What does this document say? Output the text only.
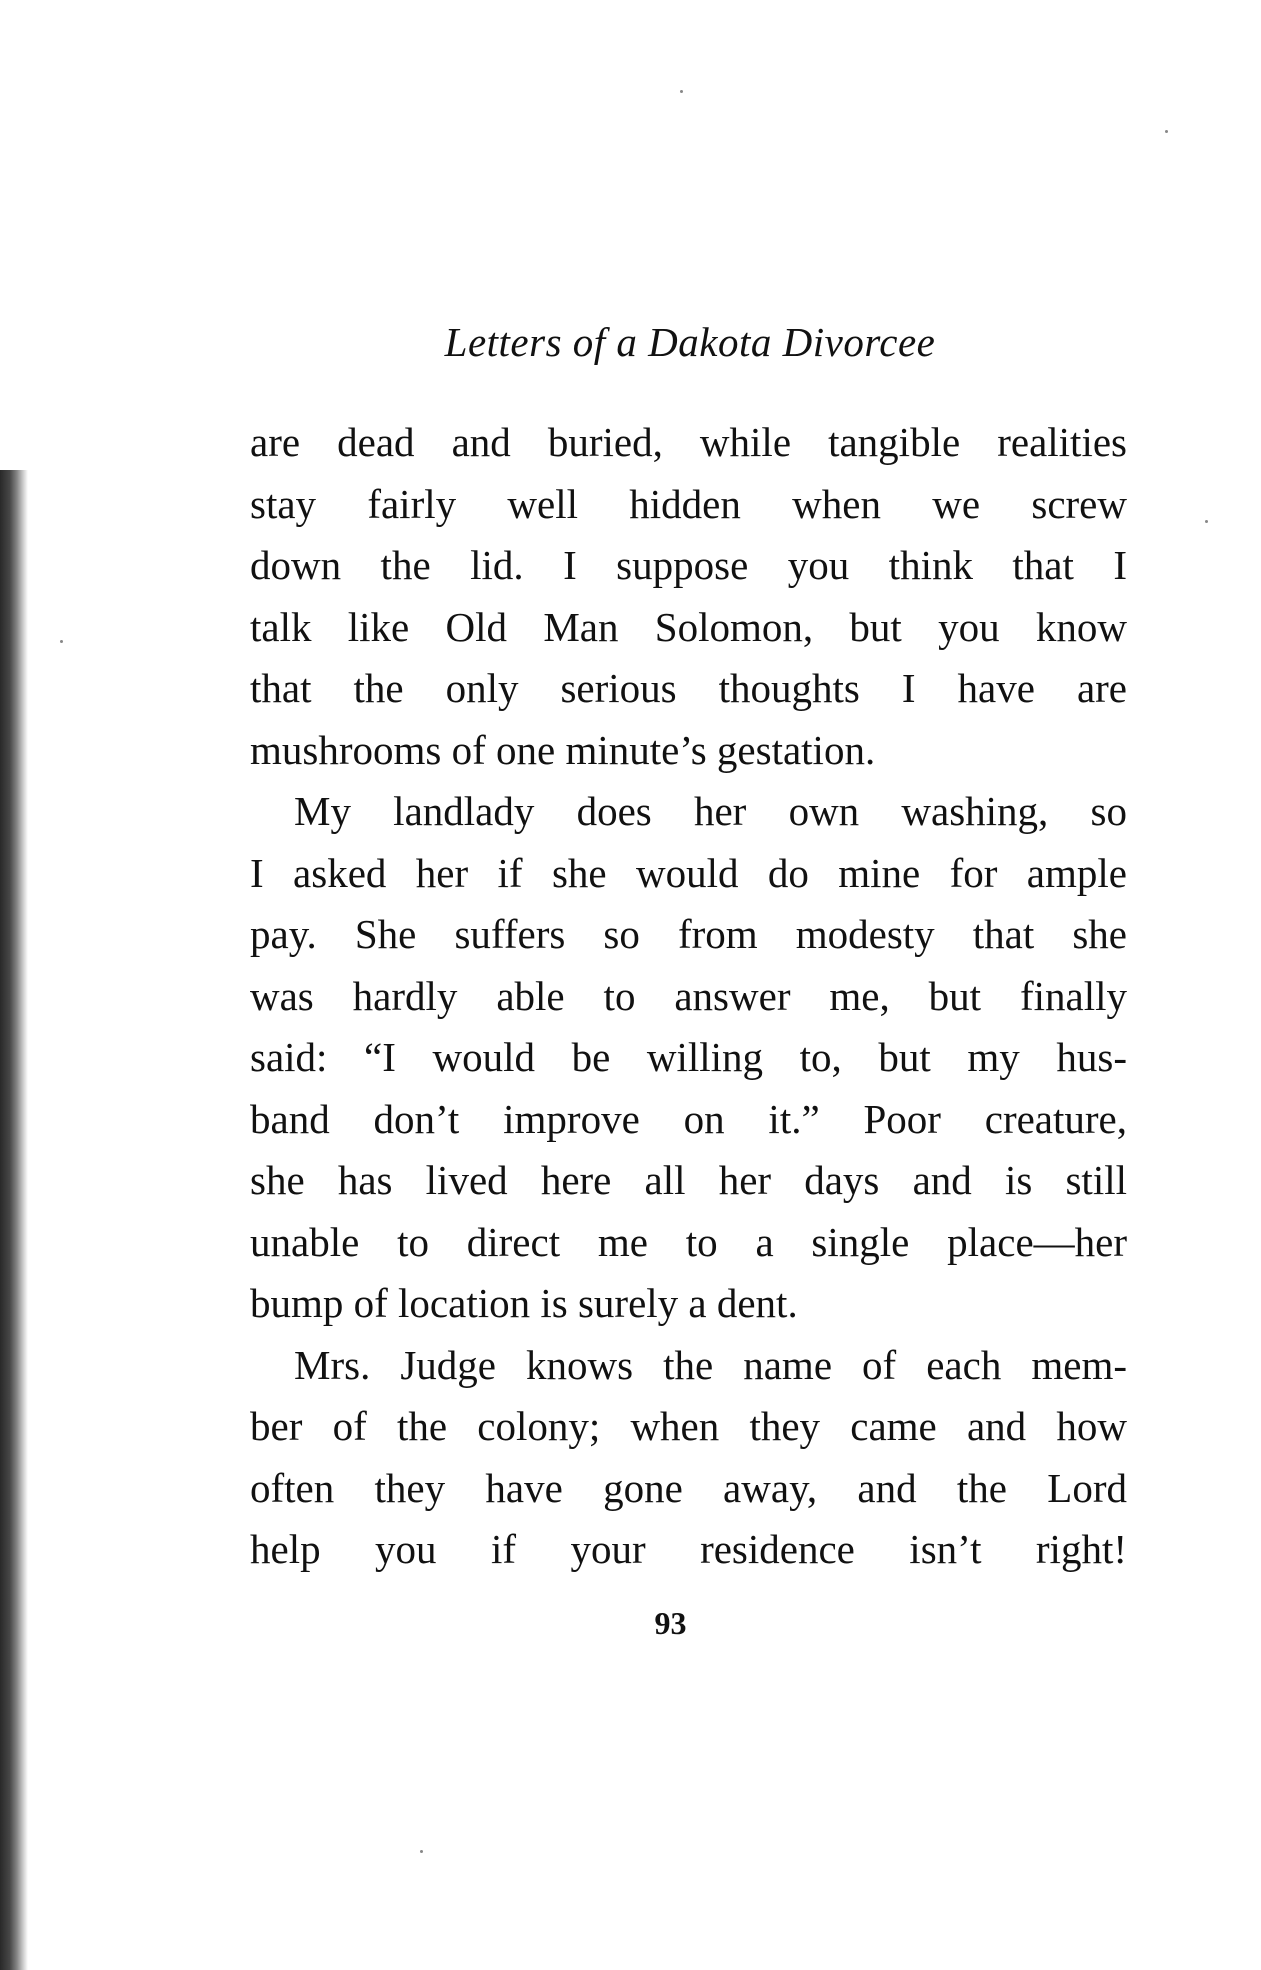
Letters of a Dakota Divorcee
are dead and buried, while tangible realities
stay fairly well hidden when we screw
down the lid. I suppose you think that I
talk like Old Man Solomon, but you know
that the only serious thoughts I have are
mushrooms of one minute’s gestation.
My landlady does her own washing, so
I asked her if she would do mine for ample
pay. She suffers so from modesty that she
was hardly able to answer me, but finally
said: “I would be willing to, but my hus-
band don’t improve on it.” Poor creature,
she has lived here all her days and is still
unable to direct me to a single place—her
bump of location is surely a dent.
Mrs. Judge knows the name of each mem-
ber of the colony; when they came and how
often they have gone away, and the Lord
help you if your residence isn’t right!
93
